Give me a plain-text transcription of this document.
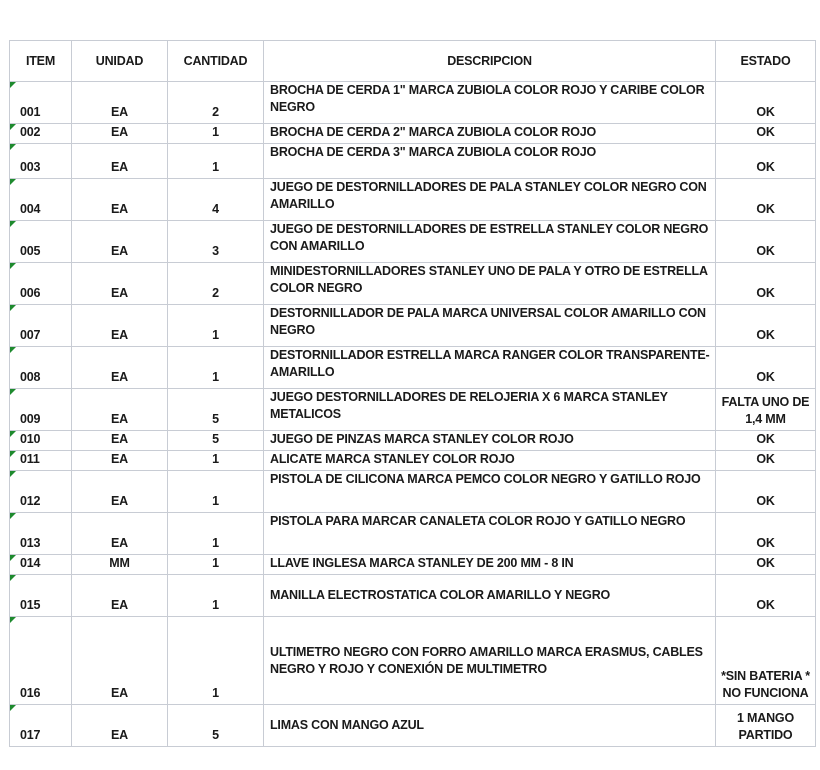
ITEM	UNIDAD	CANTIDAD	DESCRIPCION	ESTADO

001	EA	2	BROCHA DE CERDA 1" MARCA ZUBIOLA COLOR ROJO Y CARIBE COLOR NEGRO	OK

002	EA	1	BROCHA DE CERDA 2" MARCA ZUBIOLA COLOR ROJO	OK

003	EA	1	BROCHA DE CERDA 3" MARCA ZUBIOLA COLOR ROJO	OK

004	EA	4	JUEGO DE DESTORNILLADORES DE PALA STANLEY COLOR NEGRO CON AMARILLO	OK

005	EA	3	JUEGO DE DESTORNILLADORES DE ESTRELLA STANLEY COLOR NEGRO CON AMARILLO	OK

006	EA	2	MINIDESTORNILLADORES STANLEY UNO DE PALA Y OTRO DE ESTRELLA COLOR NEGRO	OK

007	EA	1	DESTORNILLADOR DE PALA MARCA UNIVERSAL COLOR AMARILLO CON NEGRO	OK

008	EA	1	DESTORNILLADOR ESTRELLA MARCA RANGER COLOR TRANSPARENTE-AMARILLO	OK

009	EA	5	JUEGO DESTORNILLADORES DE RELOJERIA X 6 MARCA STANLEY METALICOS	FALTA UNO DE 1,4 MM

010	EA	5	JUEGO DE PINZAS MARCA STANLEY COLOR ROJO	OK

011	EA	1	ALICATE MARCA STANLEY COLOR ROJO	OK

012	EA	1	PISTOLA DE CILICONA MARCA PEMCO COLOR NEGRO Y GATILLO ROJO	OK

013	EA	1	PISTOLA PARA MARCAR CANALETA COLOR ROJO Y GATILLO NEGRO	OK

014	MM	1	LLAVE INGLESA MARCA STANLEY DE 200 MM - 8 IN	OK

015	EA	1	MANILLA ELECTROSTATICA COLOR AMARILLO Y NEGRO	OK

016	EA	1	ULTIMETRO NEGRO CON FORRO AMARILLO MARCA ERASMUS, CABLES NEGRO Y ROJO Y CONEXIÓN DE MULTIMETRO	*SIN BATERIA * NO FUNCIONA

017	EA	5	LIMAS CON MANGO AZUL	1 MANGO PARTIDO
